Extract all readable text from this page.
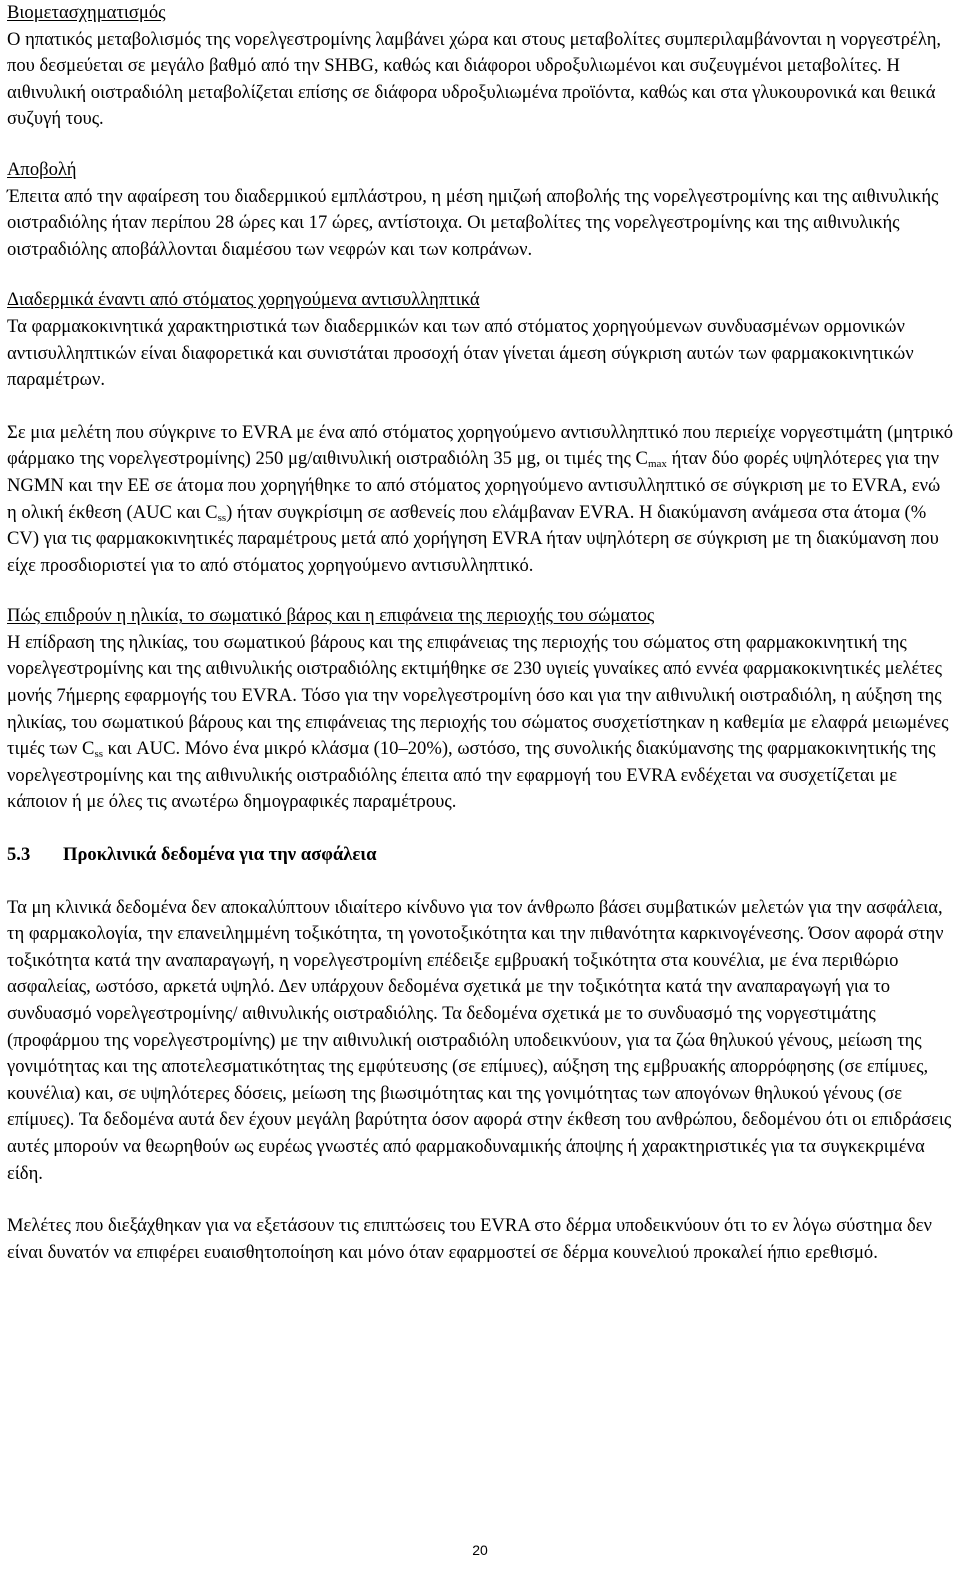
Βιομετασχηματισμός

Ο ηπατικός μεταβολισμός της νορελγεστρομίνης λαμβάνει χώρα και στους μεταβολίτες συμπεριλαμβάνονται η νοργεστρέλη, που δεσμεύεται σε μεγάλο βαθμό από την SHBG, καθώς και διάφοροι υδροξυλιωμένοι και συζευγμένοι μεταβολίτες. Η αιθινυλική οιστραδιόλη μεταβολίζεται επίσης σε διάφορα υδροξυλιωμένα προϊόντα, καθώς και στα γλυκουρονικά και θειικά συζυγή τους.

Αποβολή

Έπειτα από την αφαίρεση του διαδερμικού εμπλάστρου, η μέση ημιζωή αποβολής της νορελγεστρομίνης και της αιθινυλικής οιστραδιόλης ήταν περίπου 28 ώρες και 17 ώρες, αντίστοιχα. Οι μεταβολίτες της νορελγεστρομίνης και της αιθινυλικής οιστραδιόλης αποβάλλονται διαμέσου των νεφρών και των κοπράνων.

Διαδερμικά έναντι από στόματος χορηγούμενα αντισυλληπτικά

Τα φαρμακοκινητικά χαρακτηριστικά των διαδερμικών και των από στόματος χορηγούμενων συνδυασμένων ορμονικών αντισυλληπτικών είναι διαφορετικά και συνιστάται προσοχή όταν γίνεται άμεση σύγκριση αυτών των φαρμακοκινητικών παραμέτρων.

Σε μια μελέτη που σύγκρινε το EVRA με ένα από στόματος χορηγούμενο αντισυλληπτικό που περιείχε νοργεστιμάτη (μητρικό φάρμακο της νορελγεστρομίνης) 250 μg/αιθινυλική οιστραδιόλη 35 μg, οι τιμές της $C_{max}$ ήταν δύο φορές υψηλότερες για την NGMN και την EE σε άτομα που χορηγήθηκε το από στόματος χορηγούμενο αντισυλληπτικό σε σύγκριση με το EVRA, ενώ η ολική έκθεση (AUC και $C_{ss}$) ήταν συγκρίσιμη σε ασθενείς που ελάμβαναν EVRA. Η διακύμανση ανάμεσα στα άτομα (% CV) για τις φαρμακοκινητικές παραμέτρους μετά από χορήγηση EVRA ήταν υψηλότερη σε σύγκριση με τη διακύμανση που είχε προσδιοριστεί για το από στόματος χορηγούμενο αντισυλληπτικό.

Πώς επιδρούν η ηλικία, το σωματικό βάρος και η επιφάνεια της περιοχής του σώματος

Η επίδραση της ηλικίας, του σωματικού βάρους και της επιφάνειας της περιοχής του σώματος στη φαρμακοκινητική της νορελγεστρομίνης και της αιθινυλικής οιστραδιόλης εκτιμήθηκε σε 230 υγιείς γυναίκες από εννέα φαρμακοκινητικές μελέτες μονής 7ήμερης εφαρμογής του EVRA. Τόσο για την νορελγεστρομίνη όσο και για την αιθινυλική οιστραδιόλη, η αύξηση της ηλικίας, του σωματικού βάρους και της επιφάνειας της περιοχής του σώματος συσχετίστηκαν η καθεμία με ελαφρά μειωμένες τιμές των $C_{ss}$ και AUC. Μόνο ένα μικρό κλάσμα (10–20%), ωστόσο, της συνολικής διακύμανσης της φαρμακοκινητικής της νορελγεστρομίνης και της αιθινυλικής οιστραδιόλης έπειτα από την εφαρμογή του EVRA ενδέχεται να συσχετίζεται με κάποιον ή με όλες τις ανωτέρω δημογραφικές παραμέτρους.

5.3 Προκλινικά δεδομένα για την ασφάλεια

Τα μη κλινικά δεδομένα δεν αποκαλύπτουν ιδιαίτερο κίνδυνο για τον άνθρωπο βάσει συμβατικών μελετών για την ασφάλεια, τη φαρμακολογία, την επανειλημμένη τοξικότητα, τη γονοτοξικότητα και την πιθανότητα καρκινογένεσης. Όσον αφορά στην τοξικότητα κατά την αναπαραγωγή, η νορελγεστρομίνη επέδειξε εμβρυακή τοξικότητα στα κουνέλια, με ένα περιθώριο ασφαλείας, ωστόσο, αρκετά υψηλό. Δεν υπάρχουν δεδομένα σχετικά με την τοξικότητα κατά την αναπαραγωγή για το συνδυασμό νορελγεστρομίνης/ αιθινυλικής οιστραδιόλης. Τα δεδομένα σχετικά με το συνδυασμό της νοργεστιμάτης (προφάρμου της νορελγεστρομίνης) με την αιθινυλική οιστραδιόλη υποδεικνύουν, για τα ζώα θηλυκού γένους, μείωση της γονιμότητας και της αποτελεσματικότητας της εμφύτευσης (σε επίμυες), αύξηση της εμβρυακής απορρόφησης (σε επίμυες, κουνέλια) και, σε υψηλότερες δόσεις, μείωση της βιωσιμότητας και της γονιμότητας των απογόνων θηλυκού γένους (σε επίμυες). Τα δεδομένα αυτά δεν έχουν μεγάλη βαρύτητα όσον αφορά στην έκθεση του ανθρώπου, δεδομένου ότι οι επιδράσεις αυτές μπορούν να θεωρηθούν ως ευρέως γνωστές από φαρμακοδυναμικής άποψης ή χαρακτηριστικές για τα συγκεκριμένα είδη.

Μελέτες που διεξάχθηκαν για να εξετάσουν τις επιπτώσεις του EVRA στο δέρμα υποδεικνύουν ότι το εν λόγω σύστημα δεν είναι δυνατόν να επιφέρει ευαισθητοποίηση και μόνο όταν εφαρμοστεί σε δέρμα κουνελιού προκαλεί ήπιο ερεθισμό.

20
